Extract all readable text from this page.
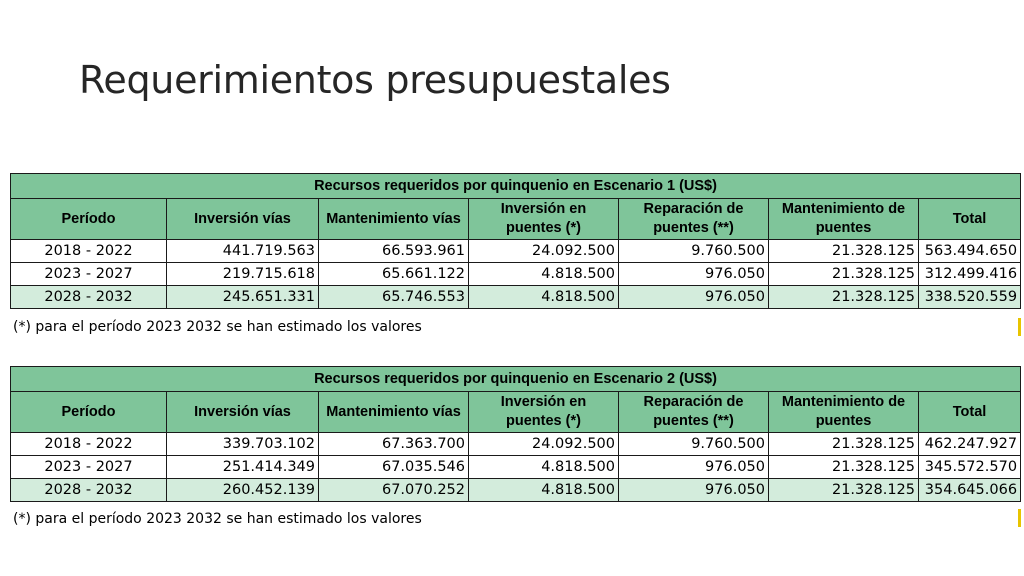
Requerimientos presupuestales
Recursos requeridos por quinquenio en Escenario 1 (US$)						
Período	Inversión vías	Mantenimiento vías	Inversión en puentes (*)	Reparación de puentes (**)	Mantenimiento de puentes	Total
2018 - 2022	441.719.563	66.593.961	24.092.500	9.760.500	21.328.125	563.494.650
2023 - 2027	219.715.618	65.661.122	4.818.500	976.050	21.328.125	312.499.416
2028 - 2032	245.651.331	65.746.553	4.818.500	976.050	21.328.125	338.520.559
(*) para el período 2023 2032 se han estimado los valores
Recursos requeridos por quinquenio en Escenario 2 (US$)						
Período	Inversión vías	Mantenimiento vías	Inversión en puentes (*)	Reparación de puentes (**)	Mantenimiento de puentes	Total
2018 - 2022	339.703.102	67.363.700	24.092.500	9.760.500	21.328.125	462.247.927
2023 - 2027	251.414.349	67.035.546	4.818.500	976.050	21.328.125	345.572.570
2028 - 2032	260.452.139	67.070.252	4.818.500	976.050	21.328.125	354.645.066
(*) para el período 2023 2032 se han estimado los valores
